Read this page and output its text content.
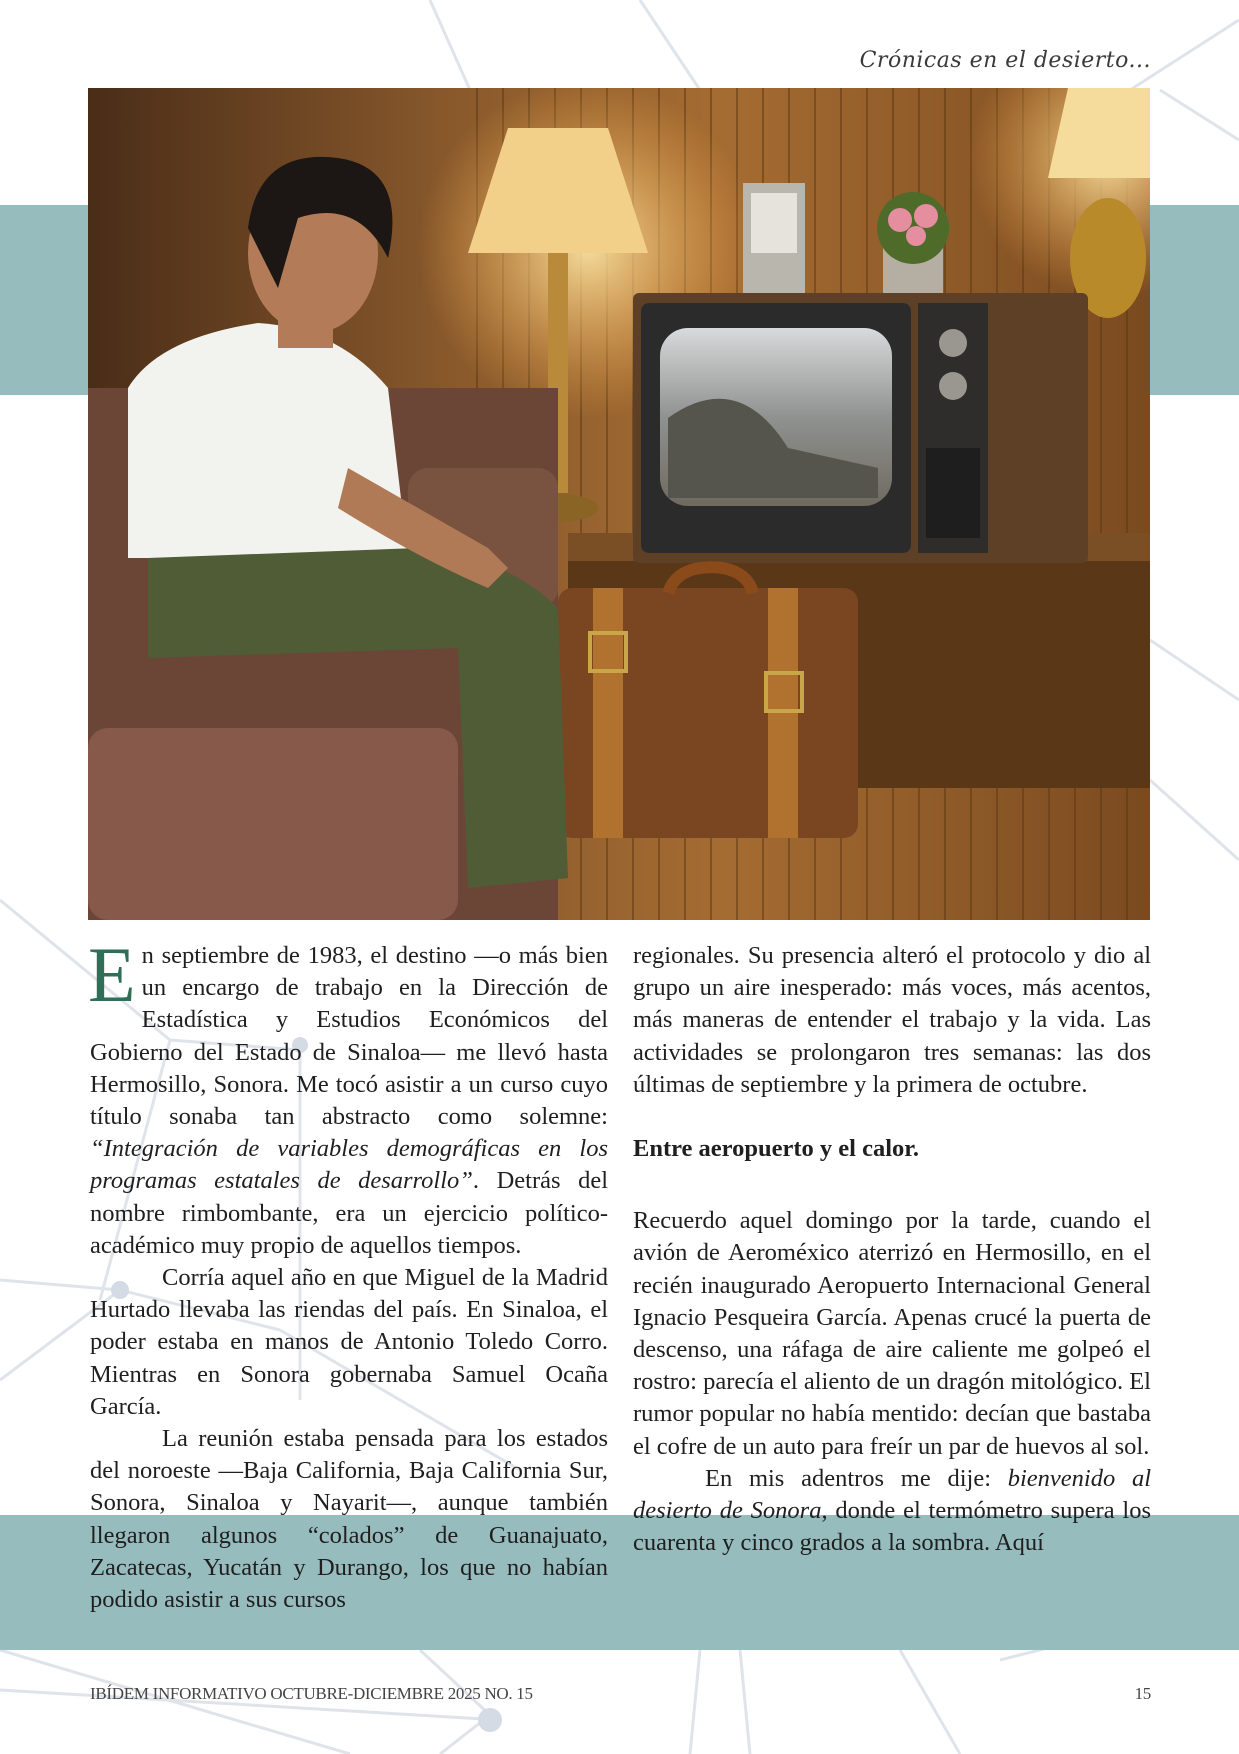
Crónicas en el desierto...

En septiembre de 1983, el destino —o más bien un encargo de trabajo en la Dirección de Estadística y Estudios Económicos del Gobierno del Estado de Sinaloa— me llevó hasta Hermosillo, Sonora. Me tocó asistir a un curso cuyo título sonaba tan abstracto como solemne: “Integración de variables demográficas en los programas estatales de desarrollo”. Detrás del nombre rimbombante, era un ejercicio político-académico muy propio de aquellos tiempos.

Corría aquel año en que Miguel de la Madrid Hurtado llevaba las riendas del país. En Sinaloa, el poder estaba en manos de Antonio Toledo Corro. Mientras en Sonora gobernaba Samuel Ocaña García.

La reunión estaba pensada para los estados del noroeste —Baja California, Baja California Sur, Sonora, Sinaloa y Nayarit—, aunque también llegaron algunos “colados” de Guanajuato, Zacatecas, Yucatán y Durango, los que no habían podido asistir a sus cursos

regionales. Su presencia alteró el protocolo y dio al grupo un aire inesperado: más voces, más acentos, más maneras de entender el trabajo y la vida. Las actividades se prolongaron tres semanas: las dos últimas de septiembre y la primera de octubre.

Entre aeropuerto y el calor.

Recuerdo aquel domingo por la tarde, cuando el avión de Aeroméxico aterrizó en Hermosillo, en el recién inaugurado Aeropuerto Internacional General Ignacio Pesqueira García. Apenas crucé la puerta de descenso, una ráfaga de aire caliente me golpeó el rostro: parecía el aliento de un dragón mitológico. El rumor popular no había mentido: decían que bastaba el cofre de un auto para freír un par de huevos al sol.

En mis adentros me dije: bienvenido al desierto de Sonora, donde el termómetro supera los cuarenta y cinco grados a la sombra. Aquí

IBÍDEM INFORMATIVO OCTUBRE-DICIEMBRE 2025 NO. 15	15
